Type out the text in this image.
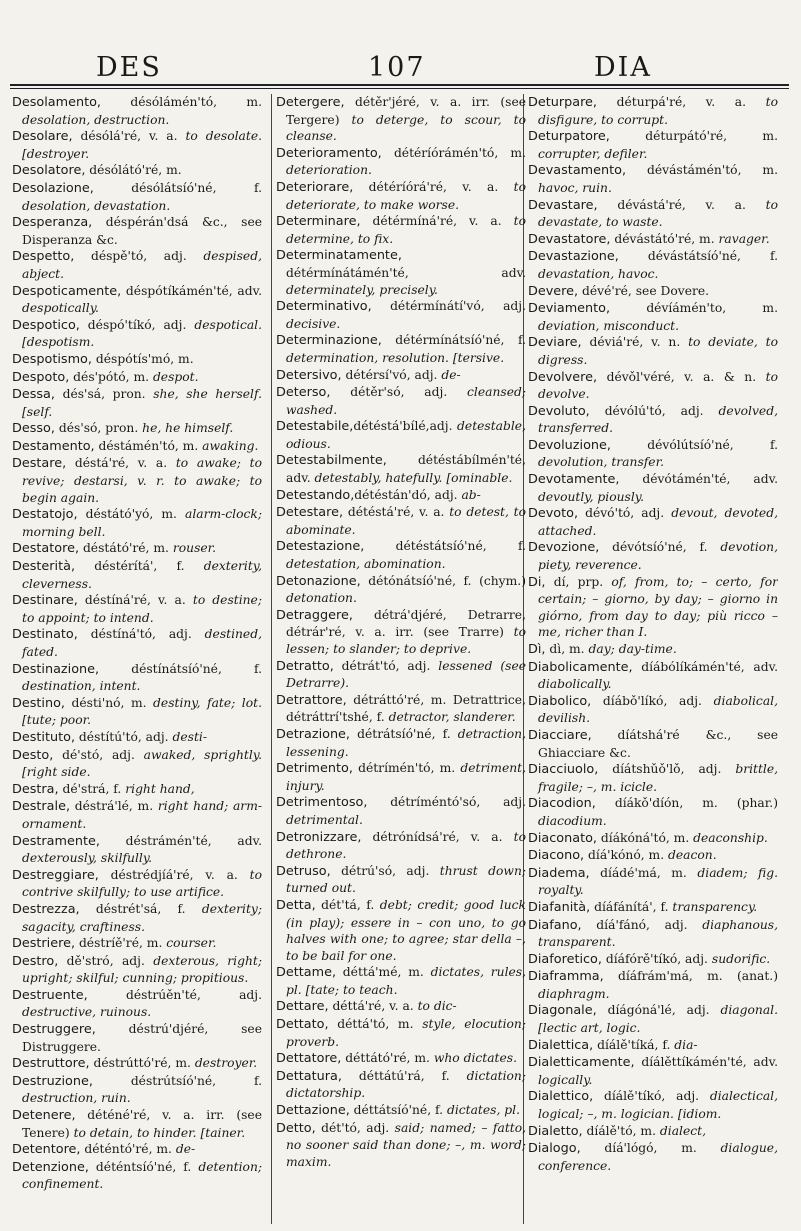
DES	107	DIA

Desolamento, désólámén'tó, m. desolation, destruction.

Desolare, désólá'ré, v. a. to desolate. [destroyer.

Desolatore, désólátó'ré, m.

Desolazione, désólátsíó'né, f. desolation, devastation.

Desperanza, déspérán'dsá &c., see Disperanza &c.

Despetto, déspě'tó, adj. despised, abject.

Despoticamente, déspótíkámén'té, adv. despotically.

Despotico, déspó'tíkó, adj. despotical. [despotism.

Despotismo, déspótís'mó, m.

Despoto, dés'pótó, m. despot.

Dessa, dés'sá, pron. she, she herself. [self.

Desso, dés'só, pron. he, he himself.

Destamento, déstámén'tó, m. awaking.

Destare, déstá'ré, v. a. to awake; to revive; destarsi, v. r. to awake; to begin again.

Destatojo, déstátó'yó, m. alarm-clock; morning bell.

Destatore, déstátó'ré, m. rouser.

Desterità, déstérítá', f. dexterity, cleverness.

Destinare, déstíná'ré, v. a. to destine; to appoint; to intend.

Destinato, déstíná'tó, adj. destined, fated.

Destinazione, déstínátsíó'né, f. destination, intent.

Destino, désti'nó, m. destiny, fate; lot. [tute; poor.

Destituto, déstítú'tó, adj. desti-

Desto, dé'stó, adj. awaked, sprightly. [right side.

Destra, dé'strá, f. right hand,

Destrale, déstrá'lé, m. right hand; arm-ornament.

Destramente, déstrámén'té, adv. dexterously, skilfully.

Destreggiare, déstrédjíá'ré, v. a. to contrive skilfully; to use artifice.

Destrezza, déstrét'sá, f. dexterity; sagacity, craftiness.

Destriere, déstríě'ré, m. courser.

Destro, dě'stró, adj. dexterous, right; upright; skilful; cunning; propitious.

Destruente, déstrúěn'té, adj. destructive, ruinous.

Destruggere, déstrú'djéré, see Distruggere.

Destruttore, déstrúttó'ré, m. destroyer.

Destruzione, déstrútsíó'né, f. destruction, ruin.

Detenere, déténé'ré, v. a. irr. (see Tenere) to detain, to hinder. [tainer.

Detentore, déténtó'ré, m. de-

Detenzione, déténtsíó'né, f. detention; confinement.

Detergere, détěr'jéré, v. a. irr. (see Tergere) to deterge, to scour, to cleanse.

Deterioramento, détéríórámén'tó, m. deterioration.

Deteriorare, détéríórá'ré, v. a. to deteriorate, to make worse.

Determinare, détérmíná'ré, v. a. to determine, to fix.

Determinatamente, détérmínátámén'té, adv. determinately, precisely.

Determinativo, détérmínátí'vó, adj. decisive.

Determinazione, détérmínátsíó'né, f. determination, resolution. [tersive.

Detersivo, détérsí'vó, adj. de-

Deterso, détěr'só, adj. cleansed; washed.

Detestabile,détéstá'bílé,adj. detestable, odious.

Detestabilmente, détéstábílmén'té, adv. detestably, hatefully. [ominable.

Detestando,détéstán'dó, adj. ab-

Detestare, détéstá'ré, v. a. to detest, to abominate.

Detestazione, détéstátsíó'né, f. detestation, abomination.

Detonazione, détónátsíó'né, f. (chym.) detonation.

Detraggere, détrá'djéré, Detrarre, détrár'ré, v. a. irr. (see Trarre) to lessen; to slander; to deprive.

Detratto, détrát'tó, adj. lessened (see Detrarre).

Detrattore, détráttó'ré, m. Detrattrice, détráttrí'tshé, f. detractor, slanderer.

Detrazione, détrátsíó'né, f. detraction, lessening.

Detrimento, détrímén'tó, m. detriment, injury.

Detrimentoso, détríméntó'só, adj. detrimental.

Detronizzare, détrónídsá'ré, v. a. to dethrone.

Detruso, détrú'só, adj. thrust down; turned out.

Detta, dét'tá, f. debt; credit; good luck (in play); essere in – con uno, to go halves with one; to agree; star della –, to be bail for one.

Dettame, déttá'mé, m. dictates, rules, pl. [tate; to teach.

Dettare, déttá'ré, v. a. to dic-

Dettato, déttá'tó, m. style, elocution; proverb.

Dettatore, déttátó'ré, m. who dictates.

Dettatura, déttátú'rá, f. dictation; dictatorship.

Dettazione, déttátsíó'né, f. dictates, pl.

Detto, dét'tó, adj. said; named; – fatto, no sooner said than done; –, m. word; maxim.

Deturpare, déturpá'ré, v. a. to disfigure, to corrupt.

Deturpatore, déturpátó'ré, m. corrupter, defiler.

Devastamento, dévástámén'tó, m. havoc, ruin.

Devastare, dévástá'ré, v. a. to devastate, to waste.

Devastatore, dévástátó'ré, m. ravager.

Devastazione, dévástátsíó'né, f. devastation, havoc.

Devere, dévé'ré, see Dovere.

Deviamento, dévíámén'to, m. deviation, misconduct.

Deviare, déviá'ré, v. n. to deviate, to digress.

Devolvere, dévǒl'véré, v. a. & n. to devolve.

Devoluto, dévólú'tó, adj. devolved, transferred.

Devoluzione, dévólútsíó'né, f. devolution, transfer.

Devotamente, dévótámén'té, adv. devoutly, piously.

Devoto, dévó'tó, adj. devout, devoted, attached.

Devozione, dévótsíó'né, f. devotion, piety, reverence.

Di, dí, prp. of, from, to; – certo, for certain; – giorno, by day; – giorno in giórno, from day to day; più ricco – me, richer than I.

Dì, dì, m. day; day-time.

Diabolicamente, díábólíkámén'té, adv. diabolically.

Diabolico, díábǒ'líkó, adj. diabolical, devilish.

Diacciare, díátshá'ré &c., see Ghiacciare &c.

Diacciuolo, díátshǔǒ'lǒ, adj. brittle, fragile; –, m. icicle.

Diacodion, díákǒ'díón, m. (phar.) diacodium.

Diaconato, díákóná'tó, m. deaconship.

Diacono, díá'kónó, m. deacon.

Diadema, díádé'má, m. diadem; fig. royalty.

Diafanità, díáfánítá', f. transparency.

Diafano, díá'fánó, adj. diaphanous, transparent.

Diaforetico, díáfórě'tíkó, adj. sudorific.

Diaframma, díáfrám'má, m. (anat.) diaphragm.

Diagonale, díágóná'lé, adj. diagonal. [lectic art, logic.

Dialettica, díálě'tíká, f. dia-

Dialetticamente, díálěttíkámén'té, adv. logically.

Dialettico, díálě'tíkó, adj. dialectical, logical; –, m. logician. [idiom.

Dialetto, díálě'tó, m. dialect,

Dialogo, díá'lógó, m. dialogue, conference.
